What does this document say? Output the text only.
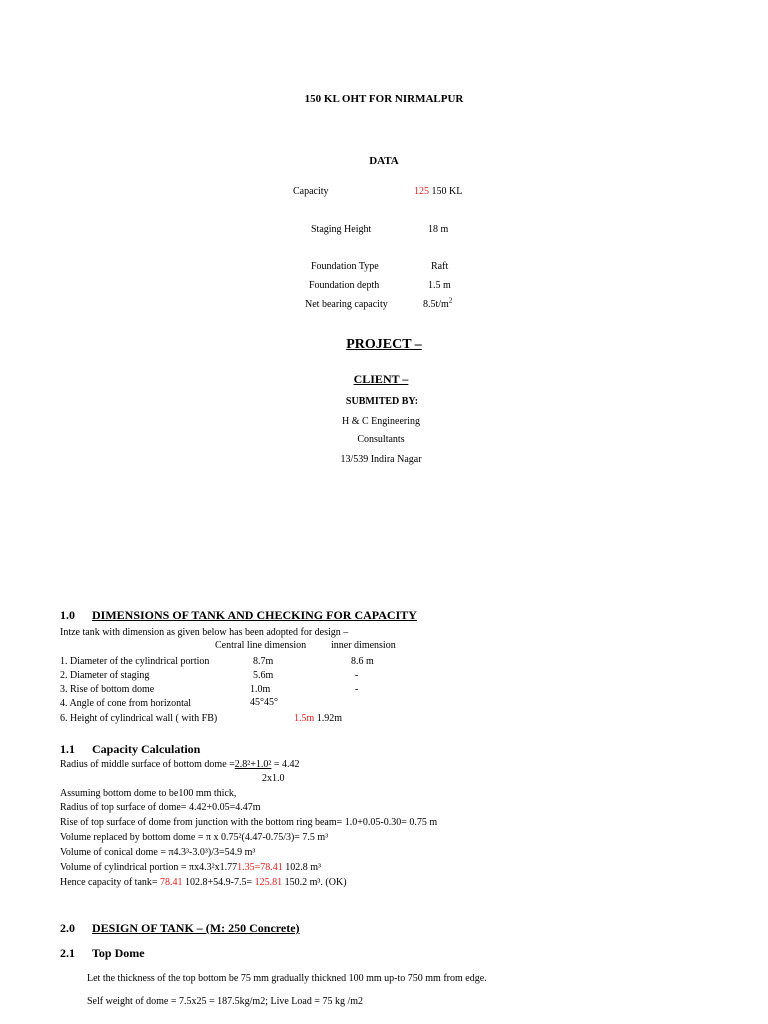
150 KL OHT FOR NIRMALPUR
DATA
Capacity	125 150 KL
Staging Height	18 m
Foundation Type	Raft
Foundation depth	1.5 m
Net bearing capacity	$8.5t/m^2$
PROJECT –
CLIENT –
SUBMITED BY:
H & C Engineering
Consultants
13/539 Indira Nagar
1.0 DIMENSIONS OF TANK AND CHECKING FOR CAPACITY
Intze tank with dimension as given below has been adopted for design –
Central line dimension inner dimension
1. Diameter of the cylindrical portion	8.7m	8.6 m
2. Diameter of staging	5.6m	-
3. Rise of bottom dome	1.0m	-
4. Angle of cone from horizontal	45°45°
6. Height of cylindrical wall ( with FB)	1.5m 1.92m
1.1 Capacity Calculation
Radius of middle surface of bottom dome =2.8²+1.0² = 4.42
2x1.0
Assuming bottom dome to be100 mm thick,
Radius of top surface of dome= 4.42+0.05=4.47m
Rise of top surface of dome from junction with the bottom ring beam= 1.0+0.05-0.30= 0.75 m
Volume replaced by bottom dome = π x 0.75²(4.47-0.75/3)= 7.5 m³
Volume of conical dome = π4.3³-3.0³)/3=54.9 m³
Volume of cylindrical portion = πx4.3²x1.771.35=78.41 102.8 m³
Hence capacity of tank= 78.41 102.8+54.9-7.5= 125.81 150.2 m³. (OK)
2.0 DESIGN OF TANK – (M: 250 Concrete)
2.1 Top Dome
Let the thickness of the top bottom be 75 mm gradually thickned 100 mm up-to 750 mm from edge.
Self weight of dome = 7.5x25 = 187.5kg/m2; Live Load = 75 kg /m2
